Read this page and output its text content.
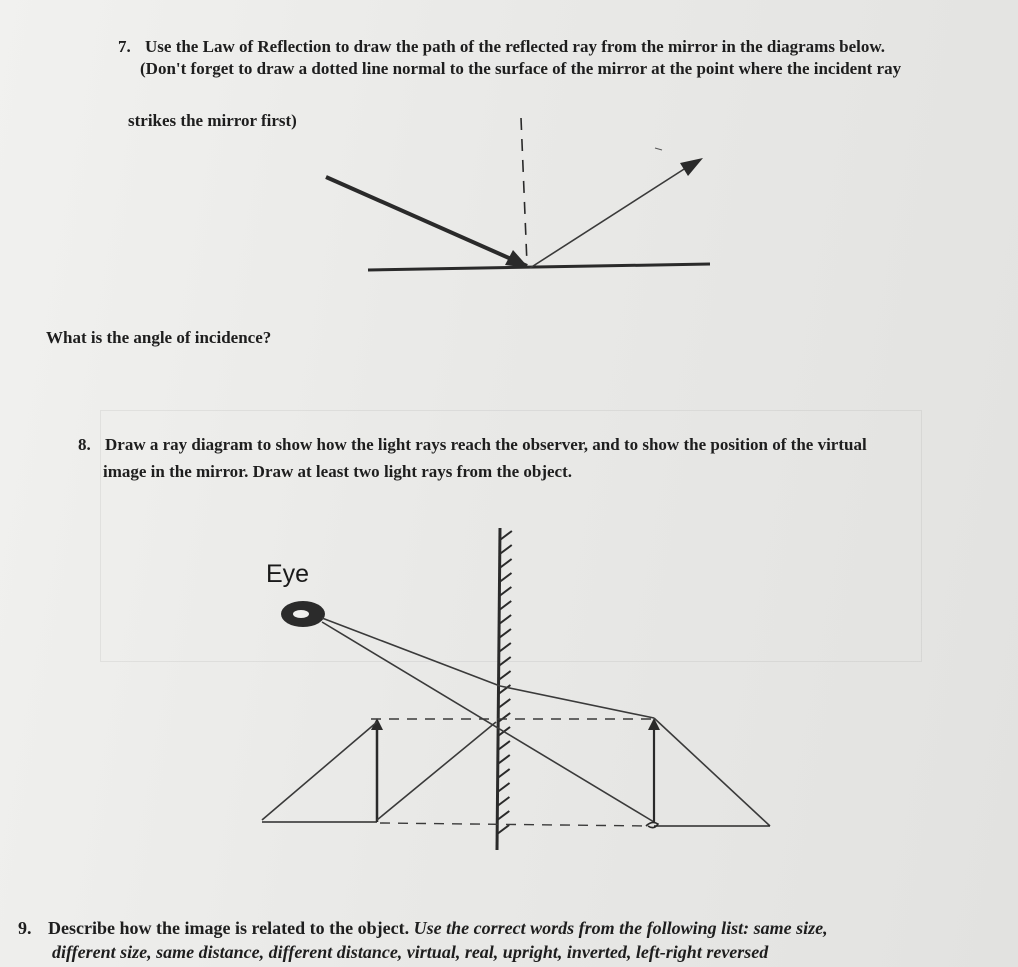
7. Use the Law of Reflection to draw the path of the reflected ray from the mirror in the diagrams below.
(Don't forget to draw a dotted line normal to the surface of the mirror at the point where the incident ray
strikes the mirror first)
What is the angle of incidence?
8. Draw a ray diagram to show how the light rays reach the observer, and to show the position of the virtual
image in the mirror. Draw at least two light rays from the object.
Eye
9. Describe how the image is related to the object. Use the correct words from the following list: same size,
different size, same distance, different distance, virtual, real, upright, inverted, left-right reversed
